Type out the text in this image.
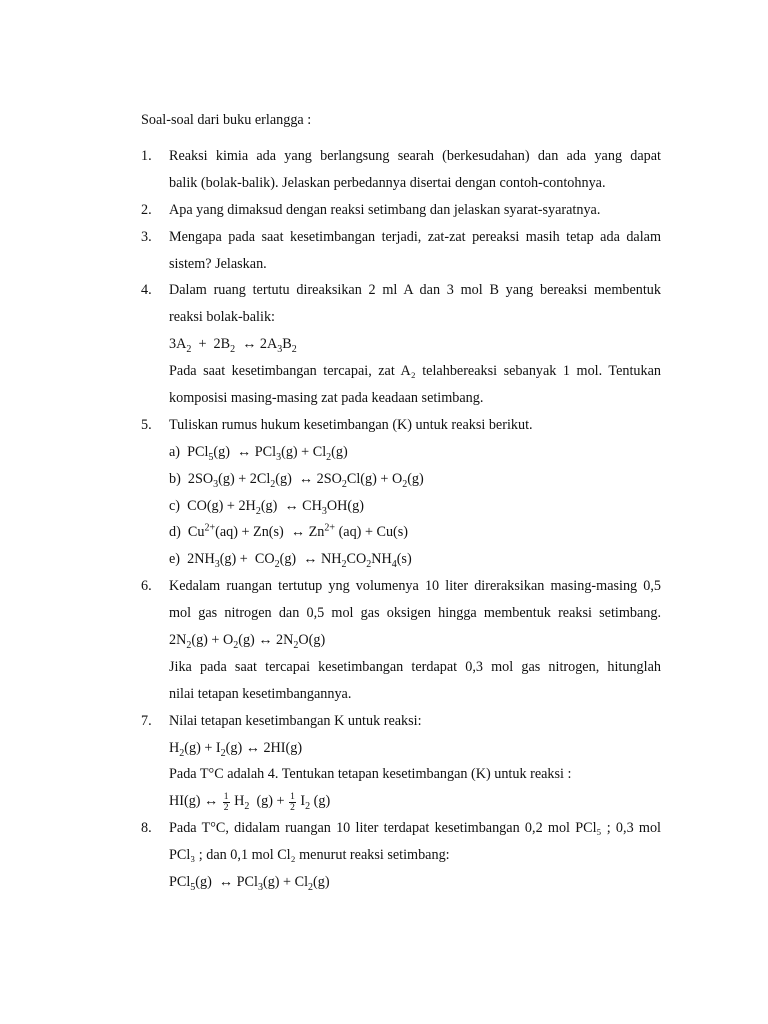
Soal-soal dari buku erlangga :
1.	Reaksi kimia ada yang berlangsung searah (berkesudahan) dan ada yang dapat
balik (bolak-balik). Jelaskan perbedannya disertai dengan contoh-contohnya.
2.	Apa yang dimaksud dengan reaksi setimbang dan jelaskan syarat-syaratnya.
3.	Mengapa pada saat kesetimbangan terjadi, zat-zat pereaksi masih tetap ada dalam
sistem? Jelaskan.
4.	Dalam ruang tertutu direaksikan 2 ml A dan 3 mol B yang bereaksi membentuk
reaksi bolak-balik:
$3A_2 + 2B_2$  ↔ $2A_3B_2$
Pada saat kesetimbangan tercapai, zat A₂ telahbereaksi sebanyak 1 mol. Tentukan
komposisi masing-masing zat pada keadaan setimbang.
5.	Tuliskan rumus hukum kesetimbangan (K) untuk reaksi berikut.
a)  PCl$_5$(g)  ↔ $PCl_3(g) + Cl_2(g)$
b)  $2SO_3(g) + 2Cl_2(g)$  ↔ $2SO_2Cl(g) + O_2(g)$
c)  $CO(g) + 2H_2(g)$  ↔ $CH_3OH(g)$
d)  $Cu^{2+}(aq) + Zn(s)$  ↔ $Zn^{2+}$ (aq) + Cu(s)
e)  $2NH_3(g) + CO_2(g)$  ↔ $NH_2CO_2NH_4(s)$
6.	Kedalam ruangan tertutup yng volumenya 10 liter direraksikan masing-masing 0,5
mol gas nitrogen dan 0,5 mol gas oksigen hingga membentuk reaksi setimbang.
$2N_2(g) + O_2(g)$ ↔ $2N_2O(g)$
Jika pada saat tercapai kesetimbangan terdapat 0,3 mol gas nitrogen, hitunglah
nilai tetapan kesetimbangannya.
7.	Nilai tetapan kesetimbangan K untuk reaksi:
$H_2(g) + I_2(g)$ ↔ 2HI(g)
Pada T°C adalah 4. Tentukan tetapan kesetimbangan (K) untuk reaksi :
HI(g) ↔ $\frac{1}{2} H_2$  $(g) + \frac{1}{2} I_2$ (g)
8.	Pada T°C, didalam ruangan 10 liter terdapat kesetimbangan 0,2 mol PCl₅ ; 0,3 mol
PCl₃ ; dan 0,1 mol Cl₂ menurut reaksi setimbang:
PCl$_5$(g)  ↔ $PCl_3(g) + Cl_2(g)$
